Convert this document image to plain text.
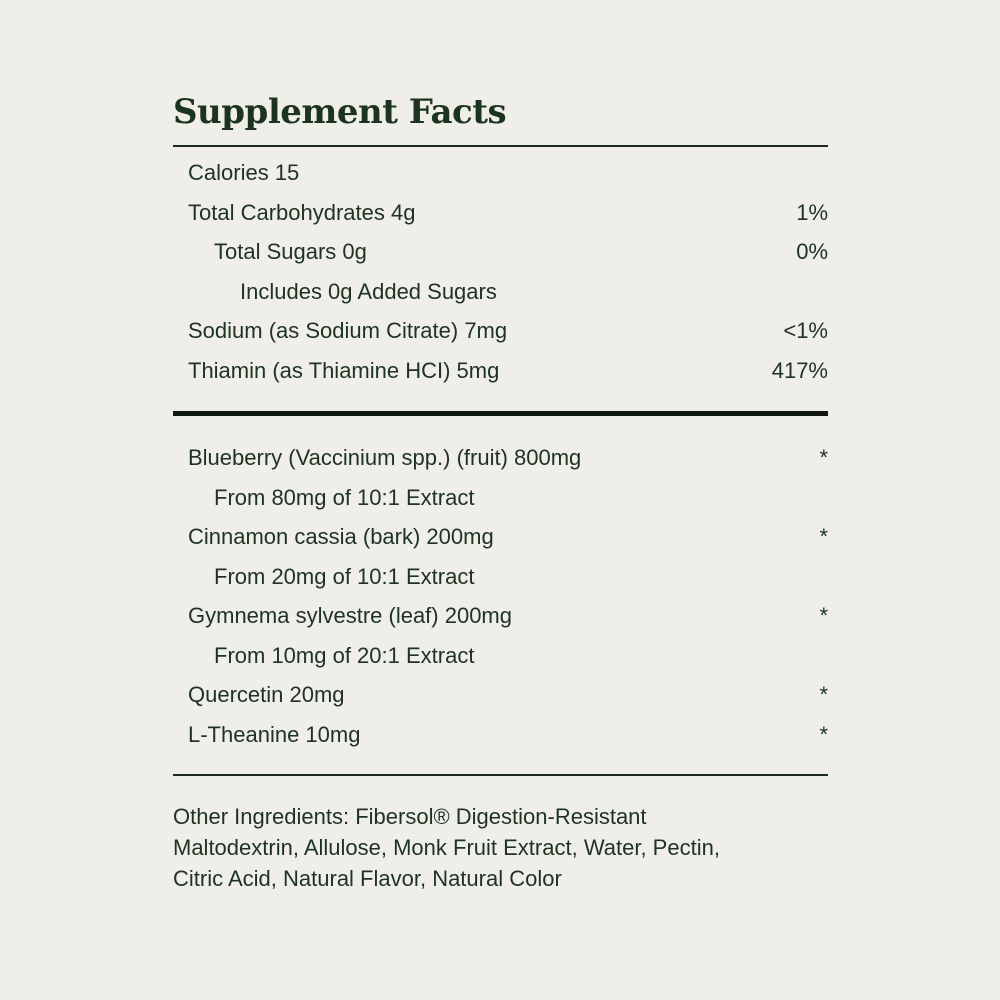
Supplement Facts
Calories 15
Total Carbohydrates 4g	1%
Total Sugars 0g	0%
Includes 0g Added Sugars
Sodium (as Sodium Citrate) 7mg	<1%
Thiamin (as Thiamine HCI) 5mg	417%
Blueberry (Vaccinium spp.) (fruit) 800mg	*
From 80mg of 10:1 Extract
Cinnamon cassia (bark) 200mg	*
From 20mg of 10:1 Extract
Gymnema sylvestre (leaf) 200mg	*
From 10mg of 20:1 Extract
Quercetin 20mg	*
L-Theanine 10mg	*
Other Ingredients: Fibersol® Digestion-Resistant
Maltodextrin, Allulose, Monk Fruit Extract, Water, Pectin,
Citric Acid, Natural Flavor, Natural Color
